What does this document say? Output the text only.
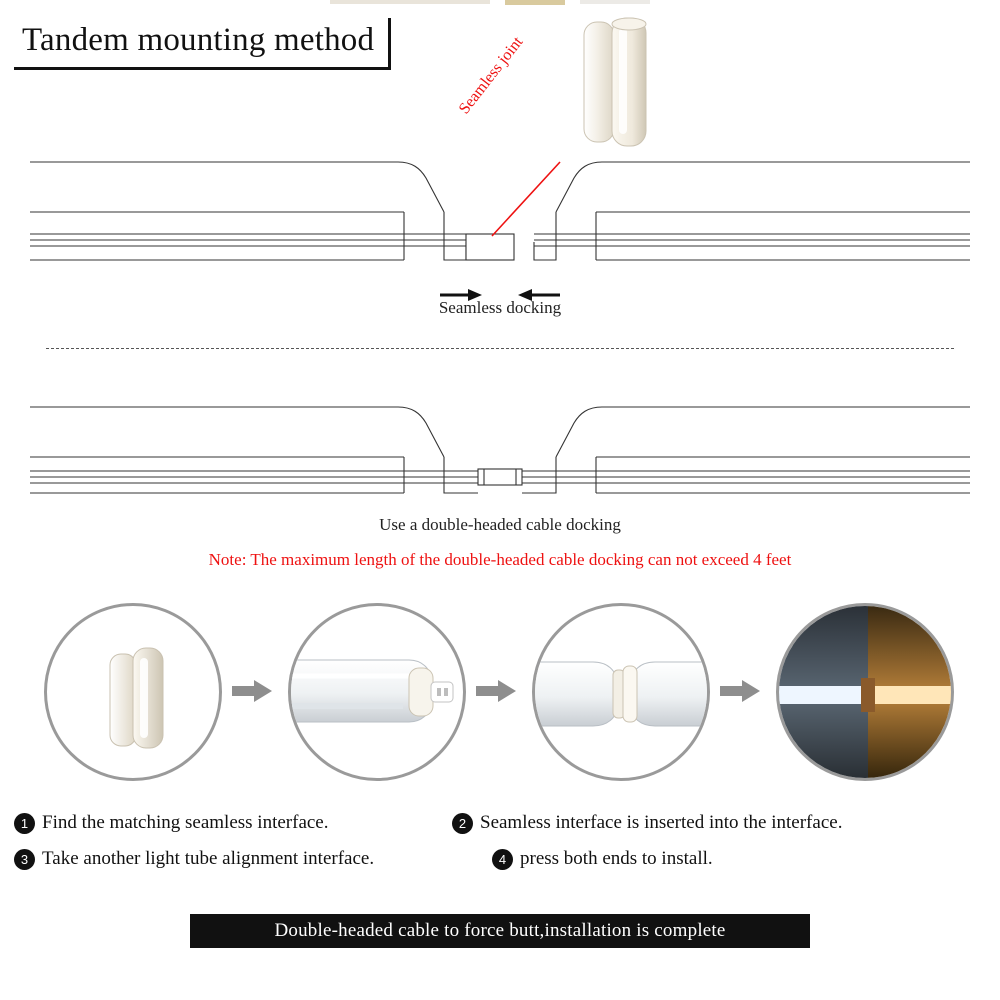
Tandem mounting method	Seamless joint
Seamless docking
Use a double-headed cable docking
Note: The maximum length of the double-headed cable docking can not exceed 4 feet
1 Find the matching seamless interface.	2 Seamless interface is inserted into the interface.
3 Take another light tube alignment interface.	4 press both ends to install.
Double-headed cable to force butt,installation is complete
